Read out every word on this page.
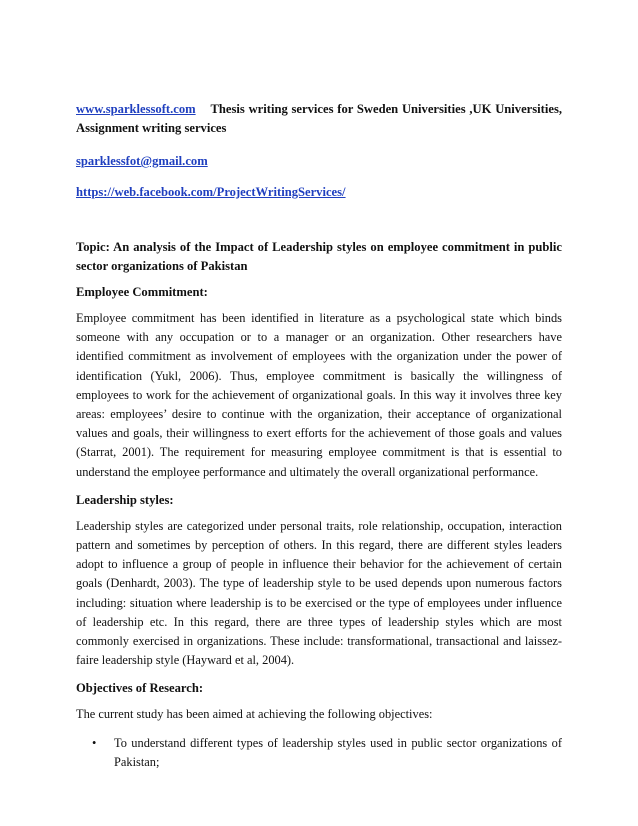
www.sparklessoft.com Thesis writing services for Sweden Universities ,UK Universities, Assignment writing services

sparklessfot@gmail.com

https://web.facebook.com/ProjectWritingServices/

Topic: An analysis of the Impact of Leadership styles on employee commitment in public sector organizations of Pakistan

Employee Commitment:

Employee commitment has been identified in literature as a psychological state which binds someone with any occupation or to a manager or an organization. Other researchers have identified commitment as involvement of employees with the organization under the power of identification (Yukl, 2006). Thus, employee commitment is basically the willingness of employees to work for the achievement of organizational goals. In this way it involves three key areas: employees’ desire to continue with the organization, their acceptance of organizational values and goals, their willingness to exert efforts for the achievement of those goals and values (Starrat, 2001). The requirement for measuring employee commitment is that is essential to understand the employee performance and ultimately the overall organizational performance.

Leadership styles:

Leadership styles are categorized under personal traits, role relationship, occupation, interaction pattern and sometimes by perception of others. In this regard, there are different styles leaders adopt to influence a group of people in influence their behavior for the achievement of certain goals (Denhardt, 2003). The type of leadership style to be used depends upon numerous factors including: situation where leadership is to be exercised or the type of employees under influence of leadership etc. In this regard, there are three types of leadership styles which are most commonly exercised in organizations. These include: transformational, transactional and laissez-faire leadership style (Hayward et al, 2004).

Objectives of Research:

The current study has been aimed at achieving the following objectives:

• To understand different types of leadership styles used in public sector organizations of Pakistan;
